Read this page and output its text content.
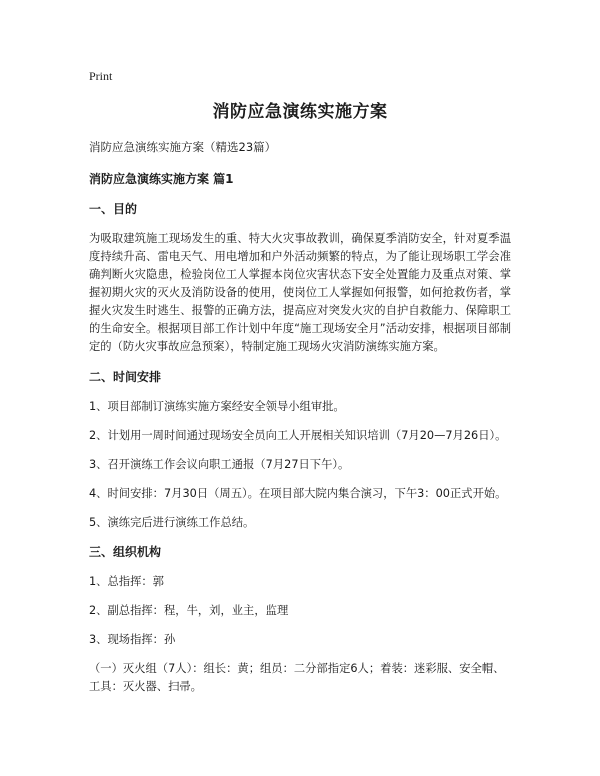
Print
消防应急演练实施方案
消防应急演练实施方案（精选23篇）
消防应急演练实施方案 篇1
一、目的
为吸取建筑施工现场发生的重、特大火灾事故教训，确保夏季消防安全，针对夏季温度持续升高、雷电天气、用电增加和户外活动频繁的特点，为了能让现场职工学会准确判断火灾隐患，检验岗位工人掌握本岗位灾害状态下安全处置能力及重点对策、掌握初期火灾的灭火及消防设备的使用，使岗位工人掌握如何报警，如何抢救伤者，掌握火灾发生时逃生、报警的正确方法，提高应对突发火灾的自护自救能力、保障职工的生命安全。根据项目部工作计划中年度“施工现场安全月”活动安排，根据项目部制定的（防火灾事故应急预案），特制定施工现场火灾消防演练实施方案。
二、时间安排
1、项目部制订演练实施方案经安全领导小组审批。
2、计划用一周时间通过现场安全员向工人开展相关知识培训（7月20—7月26日）。
3、召开演练工作会议向职工通报（7月27日下午）。
4、时间安排：7月30日（周五）。在项目部大院内集合演习，下午3：00正式开始。
5、演练完后进行演练工作总结。
三、组织机构
1、总指挥：郭
2、副总指挥：程，牛，刘，业主，监理
3、现场指挥：孙
（一）灭火组（7人）：组长：黄；组员：二分部指定6人；着装：迷彩服、安全帽、工具：灭火器、扫帚。
